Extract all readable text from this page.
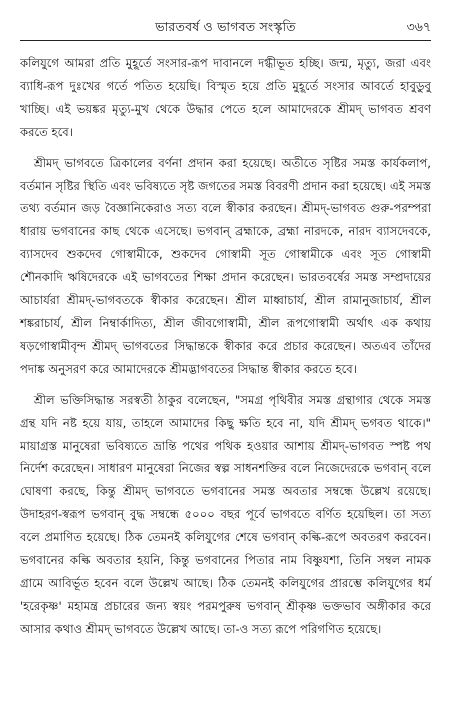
ভারতবর্ষ ও ভাগবত সংস্কৃতি	৩৬৭

কলিযুগে আমরা প্রতি মুহূর্তে সংসার-রূপ দাবানলে দগ্ধীভূত হচ্ছি। জন্ম, মৃত্যু, জরা এবং ব্যাধি-রূপ দুঃখের গর্তে পতিত হয়েছি। বিস্মৃত হয়ে প্রতি মুহূর্তে সংসার আবর্তে হাবুডুবু খাচ্ছি। এই ভয়ঙ্কর মৃত্যু-মুখ থেকে উদ্ধার পেতে হলে আমাদেরকে শ্রীমদ্ ভাগবত শ্রবণ করতে হবে।

শ্রীমদ্ ভাগবতে ত্রিকালের বর্ণনা প্রদান করা হয়েছে। অতীতে সৃষ্টির সমস্ত কার্যকলাপ, বর্তমান সৃষ্টির স্থিতি এবং ভবিষ্যতে সৃষ্ট জগতের সমস্ত বিবরণী প্রদান করা হয়েছে। এই সমস্ত তথ্য বর্তমান জড় বৈজ্ঞানিকেরাও সত্য বলে স্বীকার করছেন। শ্রীমদ্-ভাগবত গুরু-পরম্পরা ধারায় ভগবানের কাছ থেকে এসেছে। ভগবান্ ব্রহ্মাকে, ব্রহ্মা নারদকে, নারদ ব্যাসদেবকে, ব্যাসদেব শুকদেব গোস্বামীকে, শুকদেব গোস্বামী সূত গোস্বামীকে এবং সূত গোস্বামী শৌনকাদি ঋষিদেরকে এই ভাগবতের শিক্ষা প্রদান করেছেন। ভারতবর্ষের সমস্ত সম্প্রদায়ের আচার্যরা শ্রীমদ্-ভাগবতকে স্বীকার করেছেন। শ্রীল মাধ্বাচার্য, শ্রীল রামানুজাচার্য, শ্রীল শঙ্করাচার্য, শ্রীল নিম্বার্কাদিত্য, শ্রীল জীবগোস্বামী, শ্রীল রূপগোস্বামী অর্থাৎ এক কথায় ষড়গোস্বামীবৃন্দ শ্রীমদ্ ভাগবতের সিদ্ধান্তকে স্বীকার করে প্রচার করেছেন। অতএব তাঁদের পদাঙ্ক অনুসরণ করে আমাদেরকে শ্রীমদ্ভাগবতের সিদ্ধান্ত স্বীকার করতে হবে।

শ্রীল ভক্তিসিদ্ধান্ত সরস্বতী ঠাকুর বলেছেন, "সমগ্র পৃথিবীর সমস্ত গ্রন্থাগার থেকে সমস্ত গ্রন্থ যদি নষ্ট হয়ে যায়, তাহলে আমাদের কিছু ক্ষতি হবে না, যদি শ্রীমদ্ ভগবত থাকে।" মায়াগ্রস্ত মানুষেরা ভবিষ্যতে ভ্রান্তি পথের পথিক হওয়ার আশায় শ্রীমদ্-ভাগবত স্পষ্ট পথ নির্দেশ করেছেন। সাধারণ মানুষেরা নিজের স্বল্প সাধনশক্তির বলে নিজেদেরকে ভগবান্ বলে ঘোষণা করছে, কিন্তু শ্রীমদ্ ভাগবতে ভগবানের সমস্ত অবতার সম্বন্ধে উল্লেখ রয়েছে। উদাহরণ-স্বরূপ ভগবান্ বুদ্ধ সম্বন্ধে ৫০০০ বছর পূর্বে ভাগবতে বর্ণিত হয়েছিল। তা সত্য বলে প্রমাণিত হয়েছে। ঠিক তেমনই কলিযুগের শেষে ভগবান্ কল্কি-রূপে অবতরণ করবেন। ভগবানের কল্কি অবতার হয়নি, কিন্তু ভগবানের পিতার নাম বিষ্ণুযশা, তিনি সম্বল নামক গ্রামে আবির্ভূত হবেন বলে উল্লেখ আছে। ঠিক তেমনই কলিযুগের প্রারম্ভে কলিযুগের ধর্ম 'হরেকৃষ্ণ' মহামন্ত্র প্রচারের জন্য স্বয়ং পরমপুরুষ ভগবান্ শ্রীকৃষ্ণ ভক্তভাব অঙ্গীকার করে আসার কথাও শ্রীমদ্ ভাগবতে উল্লেখ আছে। তা-ও সত্য রূপে পরিগণিত হয়েছে।
